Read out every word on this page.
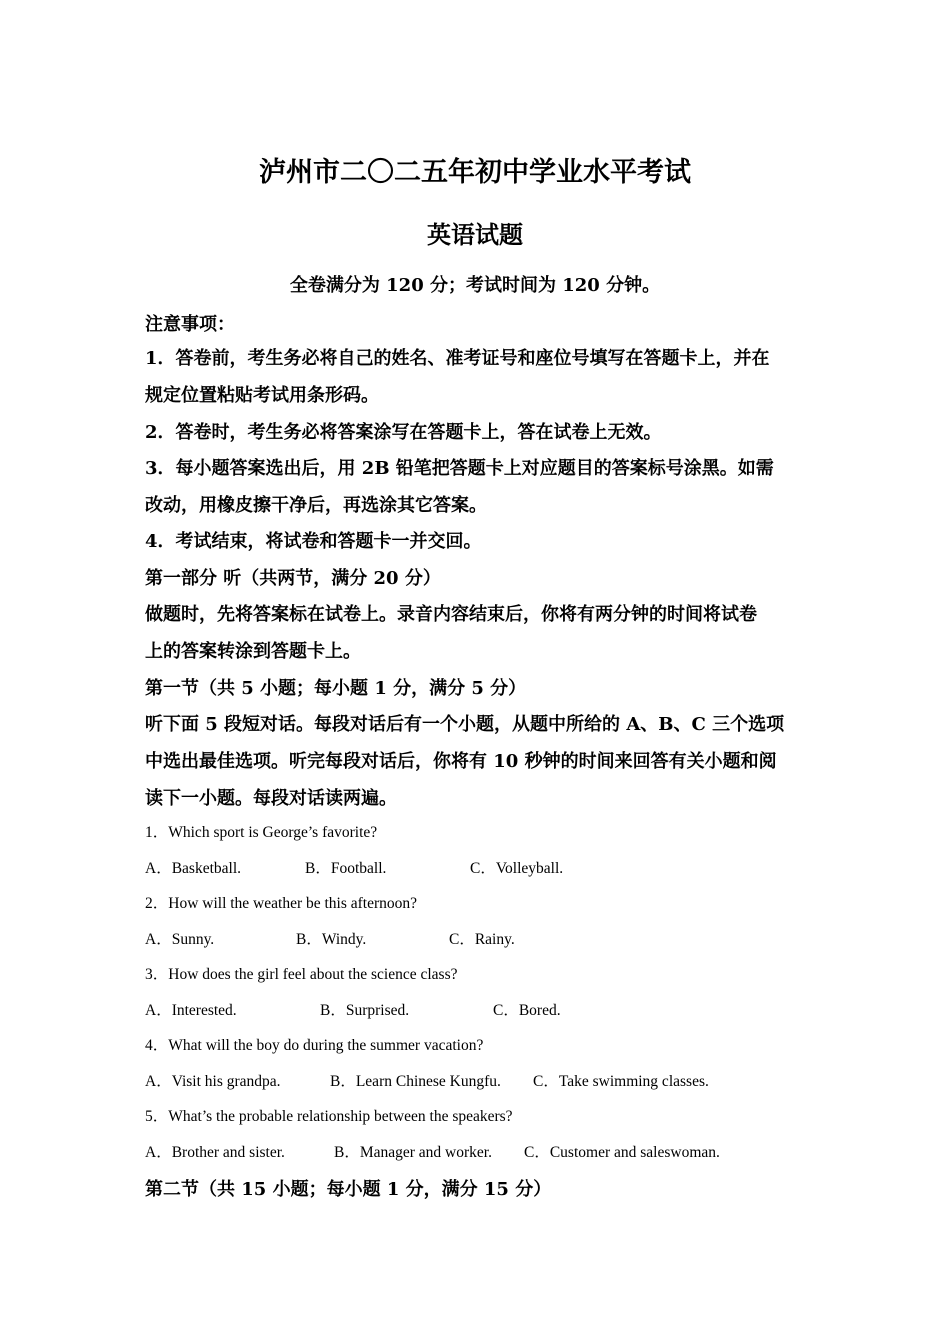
泸州市二〇二五年初中学业水平考试
英语试题
全卷满分为 120 分；考试时间为 120 分钟。
注意事项：
1．答卷前，考生务必将自己的姓名、准考证号和座位号填写在答题卡上，并在
规定位置粘贴考试用条形码。
2．答卷时，考生务必将答案涂写在答题卡上，答在试卷上无效。
3．每小题答案选出后，用 2B 铅笔把答题卡上对应题目的答案标号涂黑。如需
改动，用橡皮擦干净后，再选涂其它答案。
4．考试结束，将试卷和答题卡一并交回。
第一部分 听（共两节，满分 20 分）
做题时，先将答案标在试卷上。录音内容结束后，你将有两分钟的时间将试卷
上的答案转涂到答题卡上。
第一节（共 5 小题；每小题 1 分，满分 5 分）
听下面 5 段短对话。每段对话后有一个小题，从题中所给的 A、B、C 三个选项
中选出最佳选项。听完每段对话后，你将有 10 秒钟的时间来回答有关小题和阅
读下一小题。每段对话读两遍。
1．Which sport is George’s favorite?
A．Basketball.	B．Football.	C．Volleyball.
2．How will the weather be this afternoon?
A．Sunny.	B．Windy.	C．Rainy.
3．How does the girl feel about the science class?
A．Interested.	B．Surprised.	C．Bored.
4．What will the boy do during the summer vacation?
A．Visit his grandpa.	B．Learn Chinese Kungfu. C．Take swimming classes.
5．What’s the probable relationship between the speakers?
A．Brother and sister.	B．Manager and worker. C．Customer and saleswoman.
第二节（共 15 小题；每小题 1 分，满分 15 分）
